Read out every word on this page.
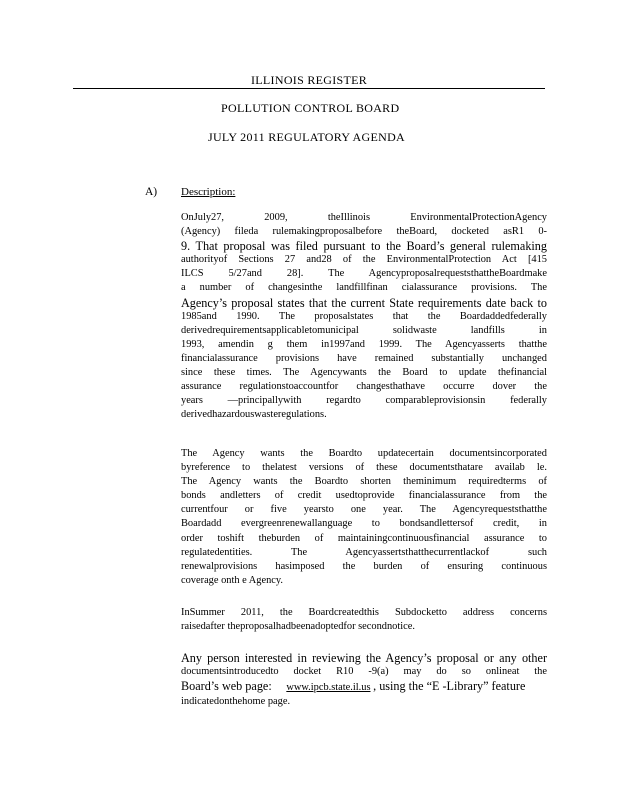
ILLINOIS REGISTER
POLLUTION CONTROL BOARD
JULY 2011 REGULATORY AGENDA
A) Description:
OnJuly27, 2009, theIllinois EnvironmentalProtectionAgency
(Agency) fileda rulemakingproposalbefore theBoard, docketed asR1 0-
9. That proposal was filed pursuant to the Board’s general rulemaking
authorityof Sections 27 and28 of the EnvironmentalProtection Act [415
ILCS 5/27and 28]. The AgencyproposalrequeststhattheBoardmake
a number of changesinthe landfillfinan cialassurance provisions. The
Agency’s proposal states that the current State requirements date back to
1985and 1990. The proposalstates that the Boardaddedfederally
derivedrequirementsapplicabletomunicipal solidwaste landfills in
1993, amendin g them in1997and 1999. The Agencyasserts thatthe
financialassurance provisions have remained substantially unchanged
since these times. The Agencywants the Board to update thefinancial
assurance regulationstoaccountfor changesthathave occurre dover the
years ―principallywith regardto comparableprovisionsin federally
derivedhazardouswasteregulations.
The Agency wants the Boardto updatecertain documentsincorporated
byreference to thelatest versions of these documentsthatare availab le.
The Agency wants the Boardto shorten theminimum requiredterms of
bonds andletters of credit usedtoprovide financialassurance from the
currentfour or five yearsto one year. The Agencyrequeststhatthe
Boardadd evergreenrenewallanguage to bondsandlettersof credit, in
order toshift theburden of maintainingcontinuousfinancial assurance to
regulatedentities. The Agencyassertsthatthecurrentlackof such
renewalprovisions hasimposed the burden of ensuring continuous
coverage onth e Agency.
InSummer 2011, the Boardcreatedthis Subdocketto address concerns
raisedafter theproposalhadbeenadoptedfor secondnotice.
Any person interested in reviewing the Agency’s proposal or any other
documentsintroducedto docket R10 -9(a) may do so onlineat the
Board’s web page: www.ipcb.state.il.us , using the “E -Library” feature
indicatedonthehome page.
